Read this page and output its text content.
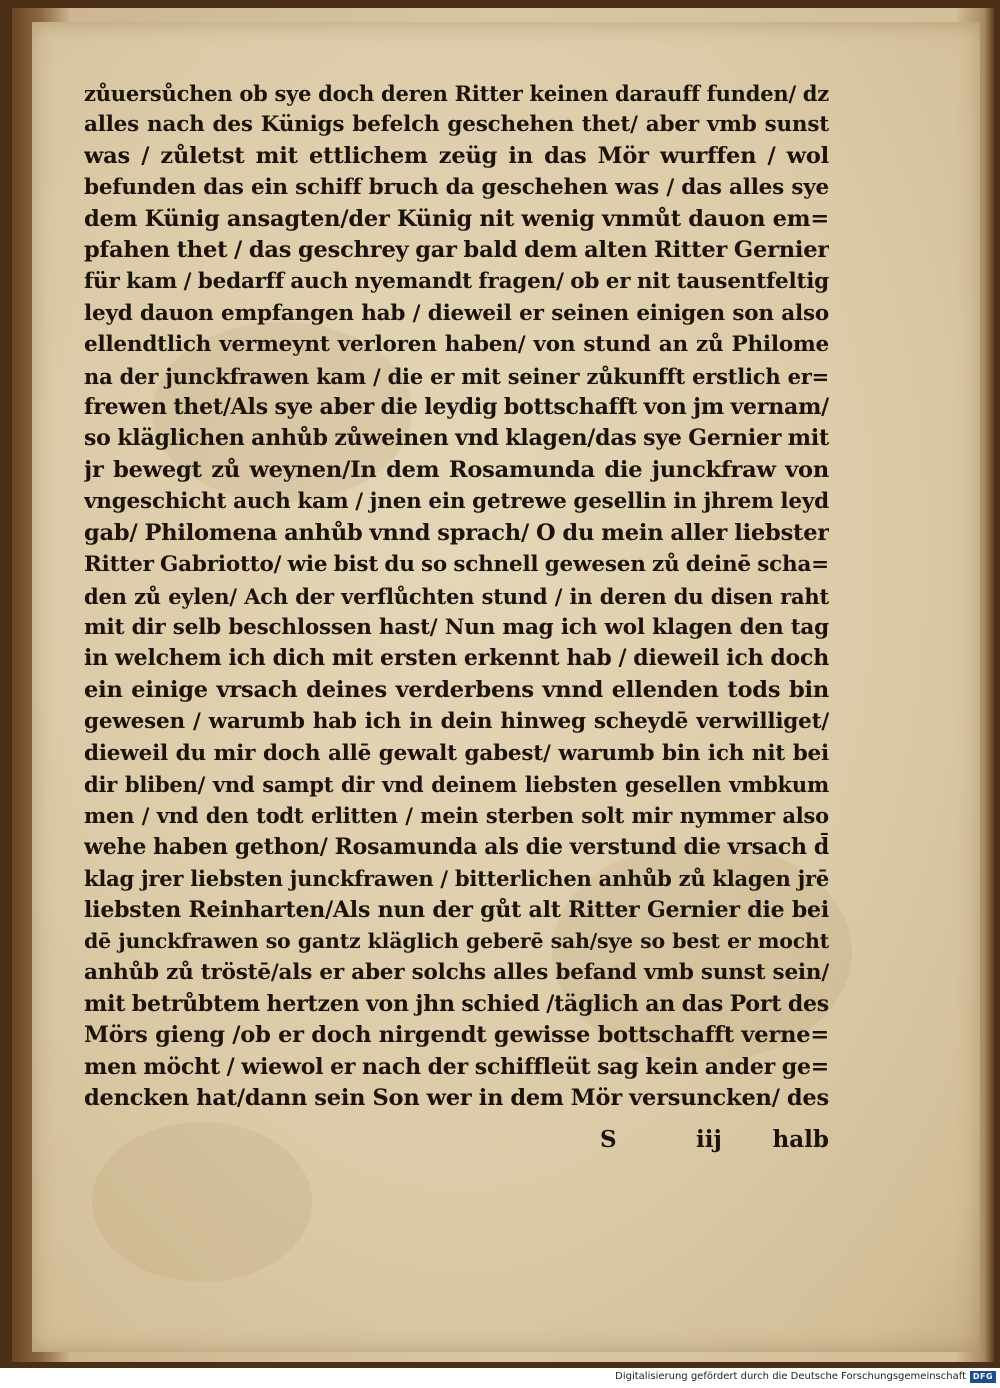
zůuersůchen ob sye doch deren Ritter keinen darauff funden/ dz
alles nach des Künigs befelch geschehen thet/ aber vmb sunst
was / zůletst mit ettlichem zeüg in das Mör wurffen / wol
befunden das ein schiff bruch da geschehen was / das alles sye
dem Künig ansagten/der Künig nit wenig vnmůt dauon em=
pfahen thet / das geschrey gar bald dem alten Ritter Gernier
für kam / bedarff auch nyemandt fragen/ ob er nit tausentfeltig
leyd dauon empfangen hab / dieweil er seinen einigen son also
ellendtlich vermeynt verloren haben/ von stund an zů Philome
na der junckfrawen kam / die er mit seiner zůkunfft erstlich er=
frewen thet/Als sye aber die leydig bottschafft von jm vernam/
so kläglichen anhůb zůweinen vnd klagen/das sye Gernier mit
jr bewegt zů weynen/In dem Rosamunda die junckfraw von
vngeschicht auch kam / jnen ein getrewe gesellin in jhrem leyd
gab/ Philomena anhůb vnnd sprach/ O du mein aller liebster
Ritter Gabriotto/ wie bist du so schnell gewesen zů deinē scha=
den zů eylen/ Ach der verflůchten stund / in deren du disen raht
mit dir selb beschlossen hast/ Nun mag ich wol klagen den tag
in welchem ich dich mit ersten erkennt hab / dieweil ich doch
ein einige vrsach deines verderbens vnnd ellenden tods bin
gewesen / warumb hab ich in dein hinweg scheydē verwilliget/
dieweil du mir doch allē gewalt gabest/ warumb bin ich nit bei
dir bliben/ vnd sampt dir vnd deinem liebsten gesellen vmbkum
men / vnd den todt erlitten / mein sterben solt mir nymmer also
wehe haben gethon/ Rosamunda als die verstund die vrsach d̄
klag jrer liebsten junckfrawen / bitterlichen anhůb zů klagen jrē
liebsten Reinharten/Als nun der gůt alt Ritter Gernier die bei
dē junckfrawen so gantz kläglich geberē sah/sye so best er mocht
anhůb zů tröstē/als er aber solchs alles befand vmb sunst sein/
mit betrůbtem hertzen von jhn schied /täglich an das Port des
Mörs gieng /ob er doch nirgendt gewisse bottschafft verne=
men möcht / wiewol er nach der schiffleüt sag kein ander ge=
dencken hat/dann sein Son wer in dem Mör versuncken/ des
S	iij halb
Digitalisierung gefördert durch die Deutsche Forschungsgemeinschaft DFG
